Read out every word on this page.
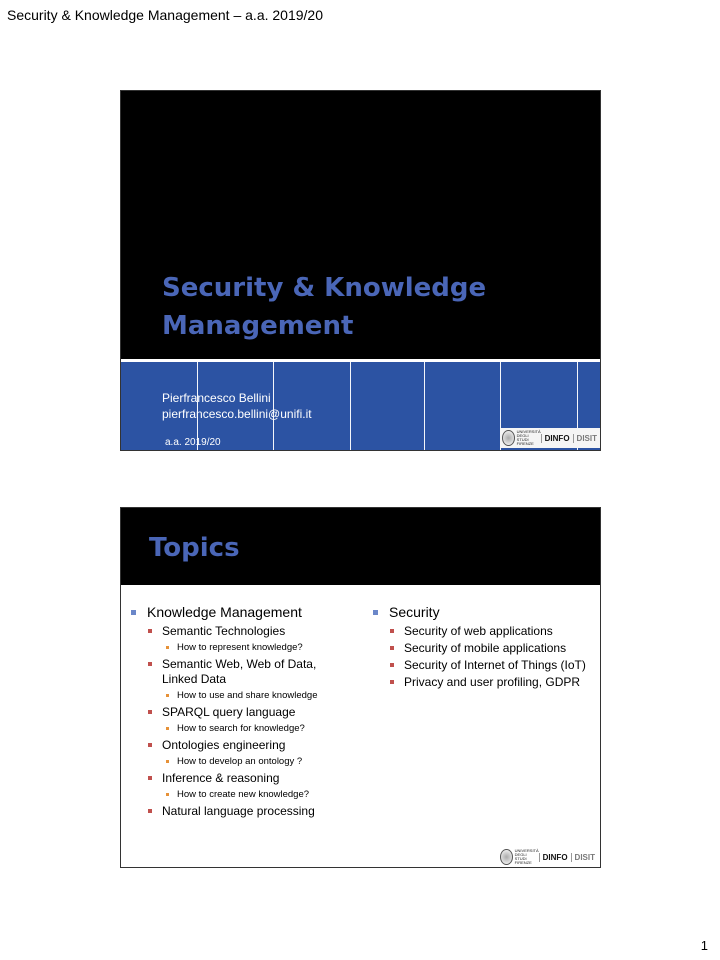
Security & Knowledge Management – a.a. 2019/20
Security & Knowledge
Management
Pierfrancesco Bellini
pierfrancesco.bellini@unifi.it
a.a. 2019/20
UNIVERSITÀ DEGLI STUDI FIRENZE
DINFO DISIT
Topics
Knowledge Management
Semantic Technologies
How to represent knowledge?
Semantic Web, Web of Data, Linked Data
How to use and share knowledge
SPARQL query language
How to search for knowledge?
Ontologies engineering
How to develop an ontology ?
Inference & reasoning
How to create new knowledge?
Natural language processing
Security
Security of web applications
Security of mobile applications
Security of Internet of Things (IoT)
Privacy and user profiling, GDPR
UNIVERSITÀ DEGLI STUDI FIRENZE
DINFO DISIT
1
